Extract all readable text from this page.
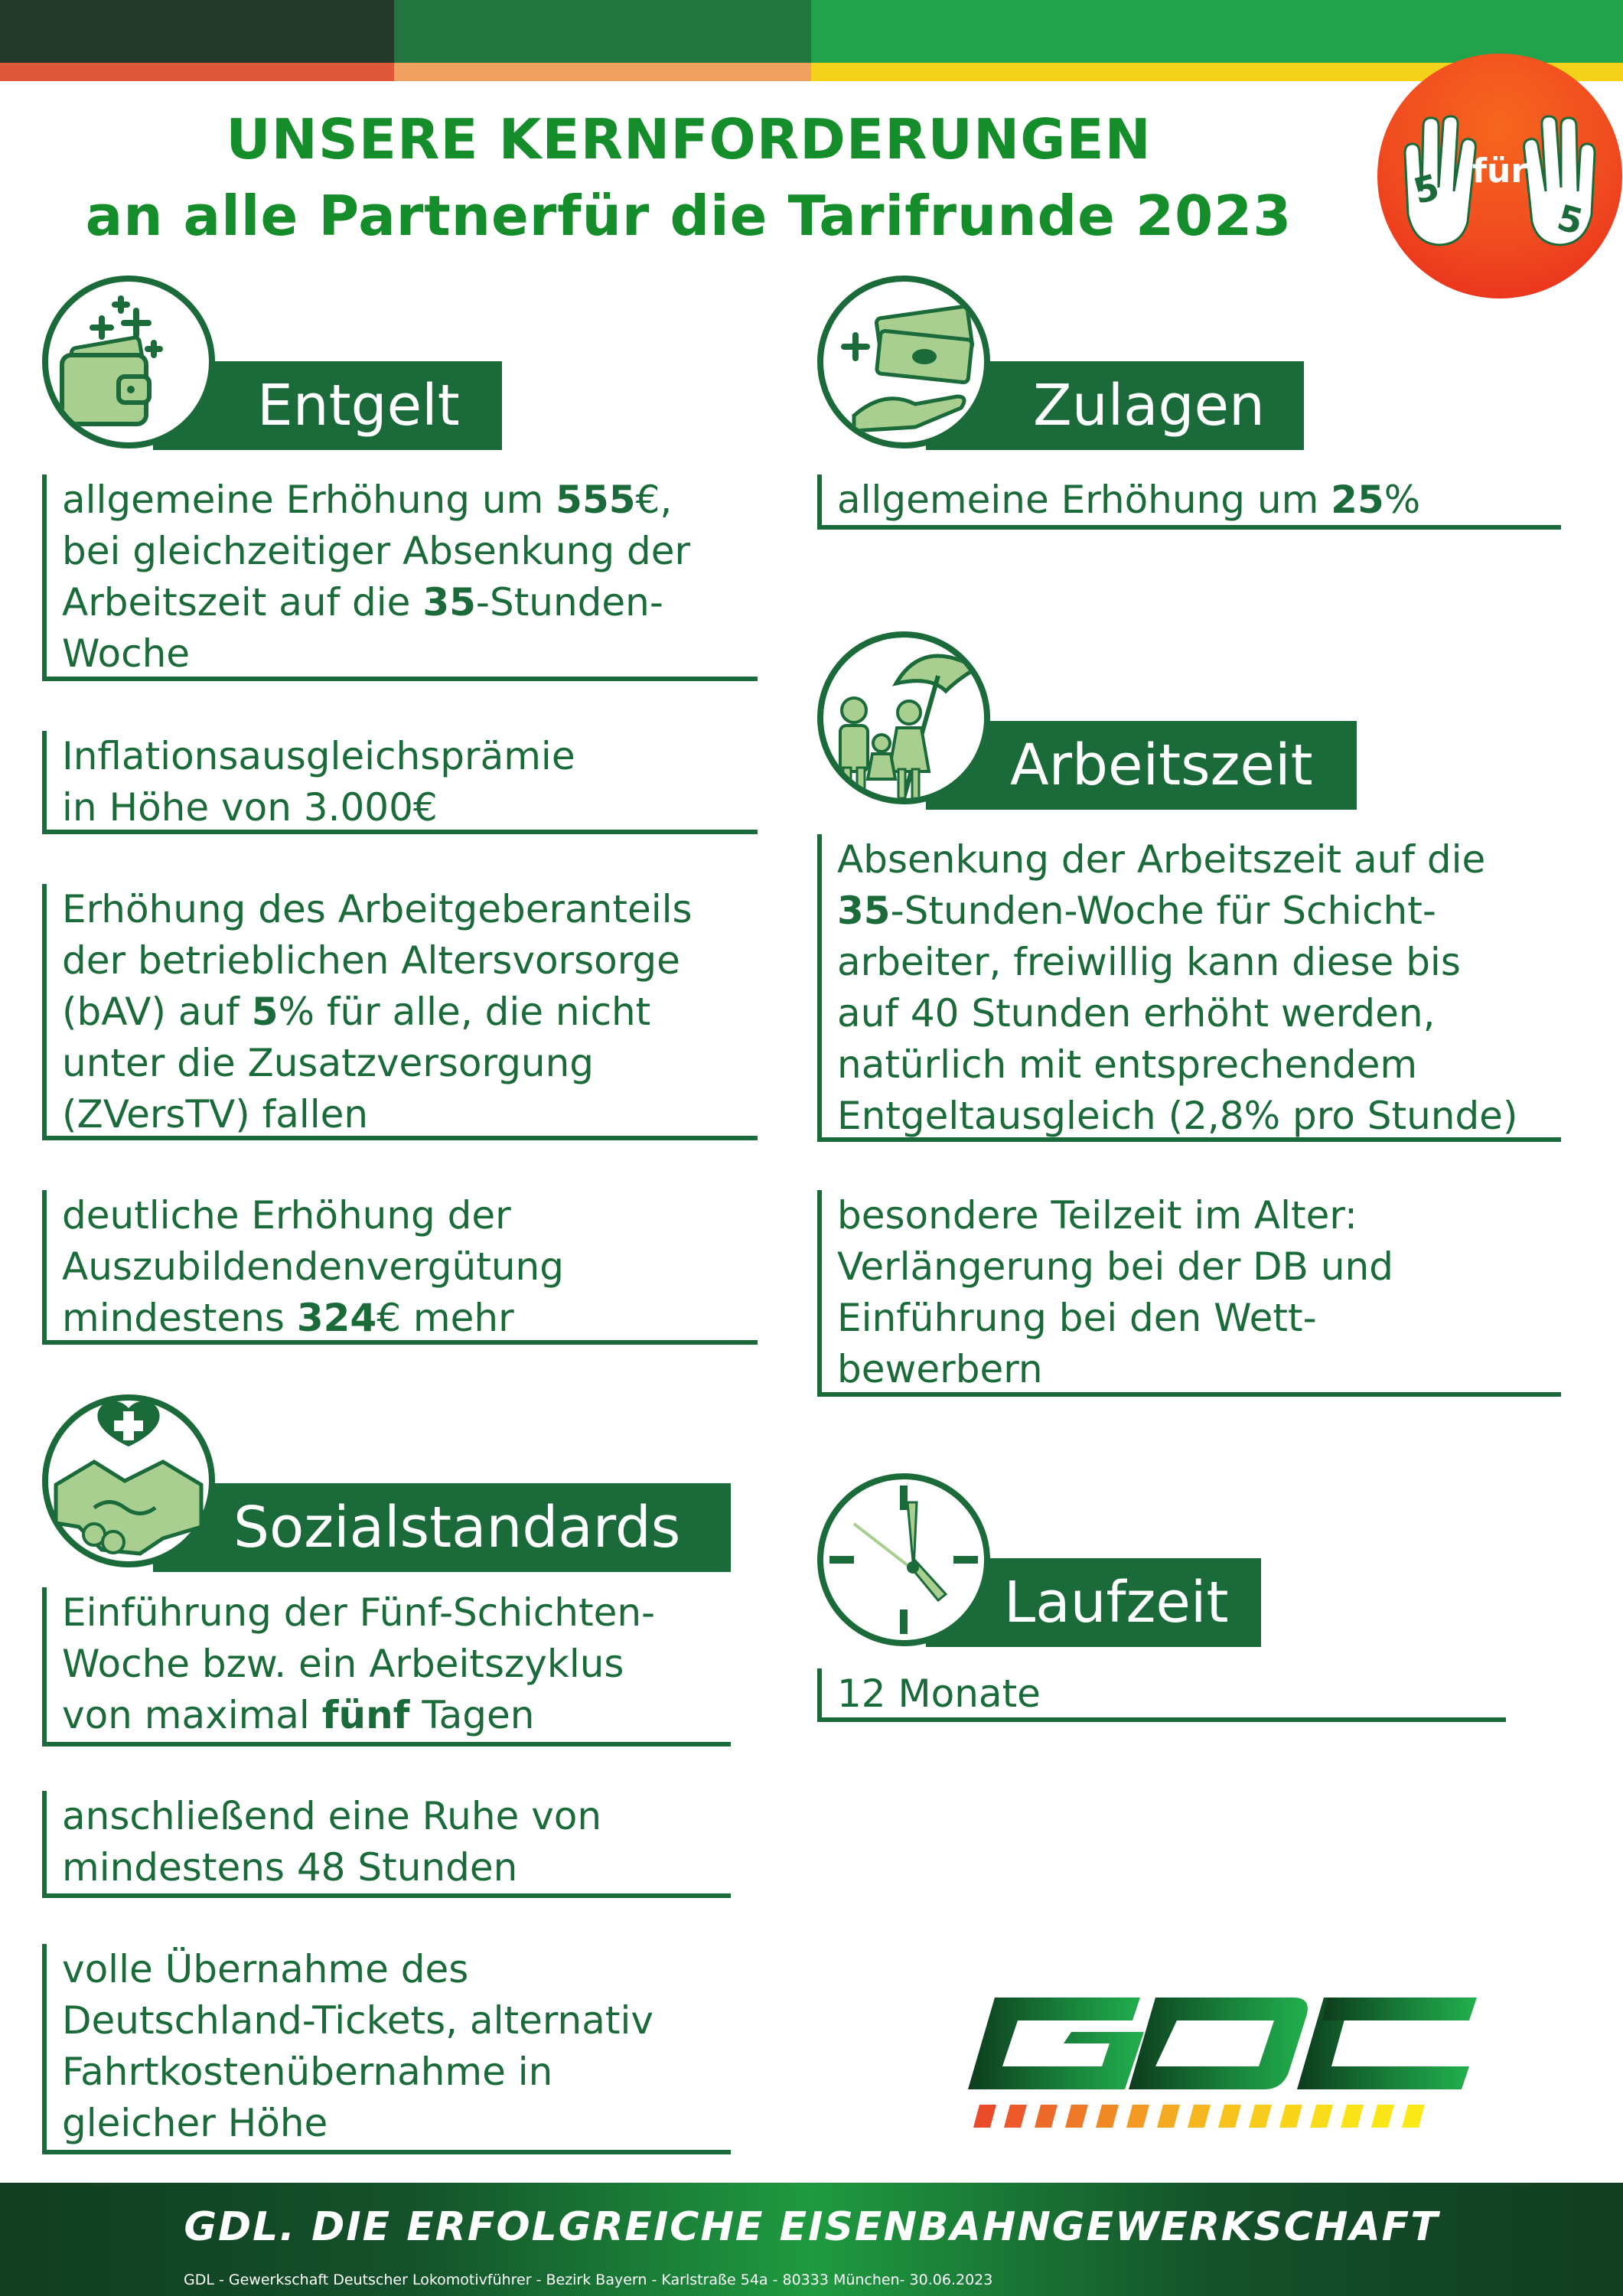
UNSERE KERNFORDERUNGEN
an alle Partnerfür die Tarifrunde 2023	5 für
5
Entgelt
allgemeine Erhöhung um 555€,
bei gleichzeitiger Absenkung der
Arbeitszeit auf die 35-Stunden-
Woche
Inflationsausgleichsprämie
in Höhe von 3.000€
Erhöhung des Arbeitgeberanteils
der betrieblichen Altersvorsorge
(bAV) auf 5% für alle, die nicht
unter die Zusatzversorgung
(ZVersTV) fallen
deutliche Erhöhung der
Auszubildendenvergütung
mindestens 324€ mehr
Sozialstandards
Einführung der Fünf-Schichten-
Woche bzw. ein Arbeitszyklus
von maximal fünf Tagen
anschließend eine Ruhe von
mindestens 48 Stunden
volle Übernahme des
Deutschland-Tickets, alternativ
Fahrtkostenübernahme in
gleicher Höhe
Zulagen
allgemeine Erhöhung um 25%
Arbeitszeit
Absenkung der Arbeitszeit auf die
35-Stunden-Woche für Schicht-
arbeiter, freiwillig kann diese bis
auf 40 Stunden erhöht werden,
natürlich mit entsprechendem
Entgeltausgleich (2,8% pro Stunde)
besondere Teilzeit im Alter:
Verlängerung bei der DB und
Einführung bei den Wett-
bewerbern
Laufzeit
12 Monate
GDL. DIE ERFOLGREICHE EISENBAHNGEWERKSCHAFT
GDL - Gewerkschaft Deutscher Lokomotivführer - Bezirk Bayern - Karlstraße 54a - 80333 München- 30.06.2023
